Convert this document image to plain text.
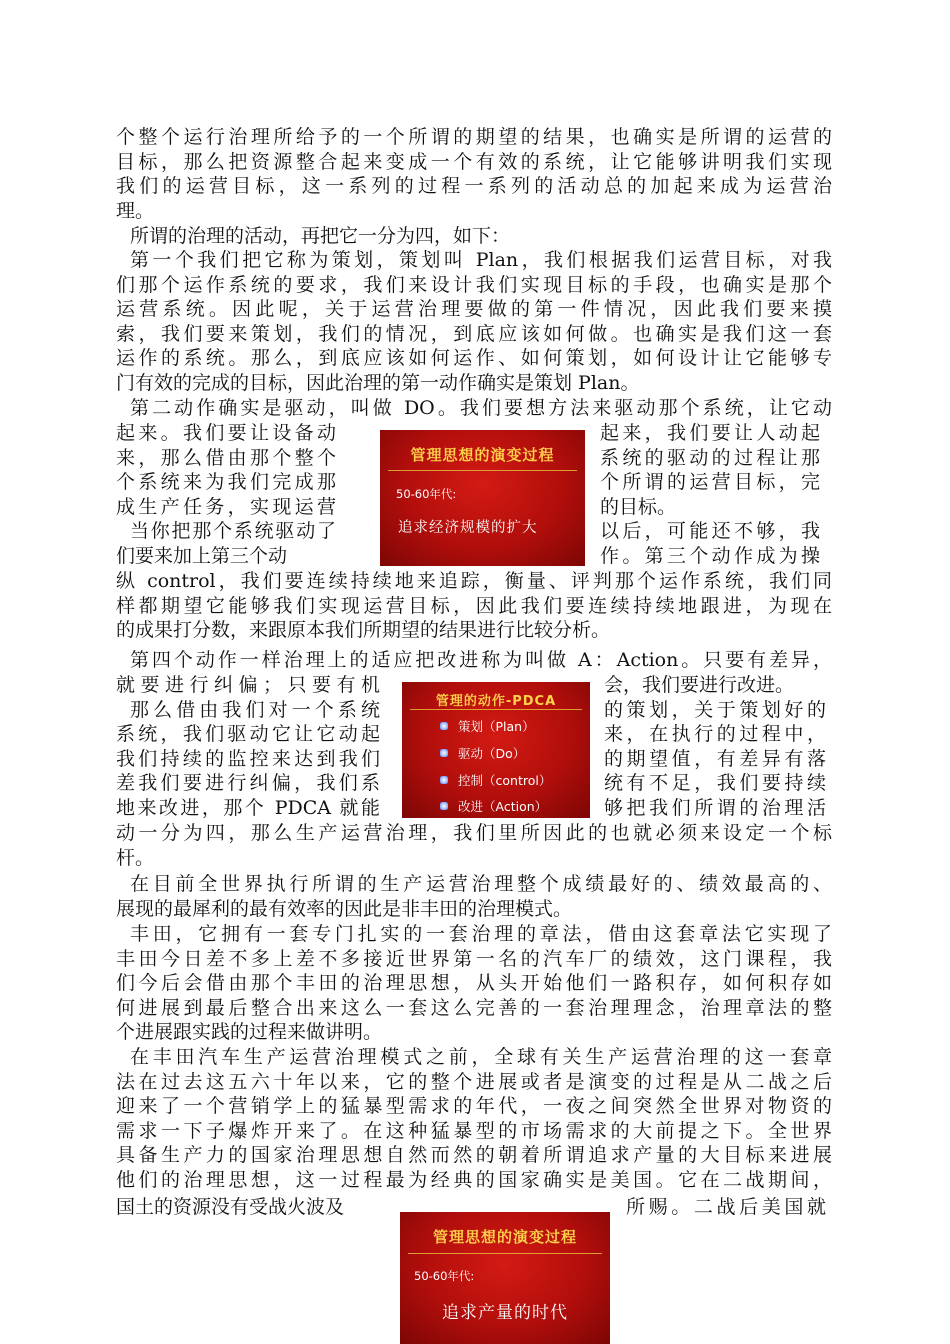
个整个运行治理所给予的一个所谓的期望的结果，也确实是所谓的运营的
目标，那么把资源整合起来变成一个有效的系统，让它能够讲明我们实现
我们的运营目标，这一系列的过程一系列的活动总的加起来成为运营治
理。
所谓的治理的活动，再把它一分为四，如下：
第一个我们把它称为策划，策划叫 Plan，我们根据我们运营目标，对我
们那个运作系统的要求，我们来设计我们实现目标的手段，也确实是那个
运营系统。因此呢，关于运营治理要做的第一件情况，因此我们要来摸
索，我们要来策划，我们的情况，到底应该如何做。也确实是我们这一套
运作的系统。那么，到底应该如何运作、如何策划，如何设计让它能够专
门有效的完成的目标，因此治理的第一动作确实是策划 Plan。
第二动作确实是驱动，叫做 DO。我们要想方法来驱动那个系统，让它动
起来。我们要让设备动
来，那么借由那个整个
个系统来为我们完成那
成生产任务，实现运营
当你把那个系统驱动了
们要来加上第三个动
管理思想的演变过程
50-60年代:
追求经济规模的扩大
起来，我们要让人动起
系统的驱动的过程让那
个所谓的运营目标，完
的目标。
以后，可能还不够，我
作。第三个动作成为操
纵 control，我们要连续持续地来追踪，衡量、评判那个运作系统，我们同
样都期望它能够我们实现运营目标，因此我们要连续持续地跟进，为现在
的成果打分数，来跟原本我们所期望的结果进行比较分析。
第四个动作一样治理上的适应把改进称为叫做 A：Action。只要有差异，
就要进行纠偏；只要有机
那么借由我们对一个系统
系统，我们驱动它让它动起
我们持续的监控来达到我们
差我们要进行纠偏，我们系
地来改进，那个 PDCA 就能
管理的动作-PDCA
策划（Plan）
驱动（Do）
控制（control）
改进（Action）
会，我们要进行改进。
的策划，关于策划好的
来，在执行的过程中，
的期望值，有差异有落
统有不足，我们要持续
够把我们所谓的治理活
动一分为四，那么生产运营治理，我们里所因此的也就必须来设定一个标
杆。
在目前全世界执行所谓的生产运营治理整个成绩最好的、绩效最高的、
展现的最犀利的最有效率的因此是非丰田的治理模式。
丰田，它拥有一套专门扎实的一套治理的章法，借由这套章法它实现了
丰田今日差不多上差不多接近世界第一名的汽车厂的绩效，这门课程，我
们今后会借由那个丰田的治理思想，从头开始他们一路积存，如何积存如
何进展到最后整合出来这么一套这么完善的一套治理理念，治理章法的整
个进展跟实践的过程来做讲明。
在丰田汽车生产运营治理模式之前，全球有关生产运营治理的这一套章
法在过去这五六十年以来，它的整个进展或者是演变的过程是从二战之后
迎来了一个营销学上的猛暴型需求的年代，一夜之间突然全世界对物资的
需求一下子爆炸开来了。在这种猛暴型的市场需求的大前提之下。全世界
具备生产力的国家治理思想自然而然的朝着所谓追求产量的大目标来进展
他们的治理思想，这一过程最为经典的国家确实是美国。它在二战期间，
国土的资源没有受战火波及	所赐。二战后美国就
管理思想的演变过程
50-60年代:
追求产量的时代
